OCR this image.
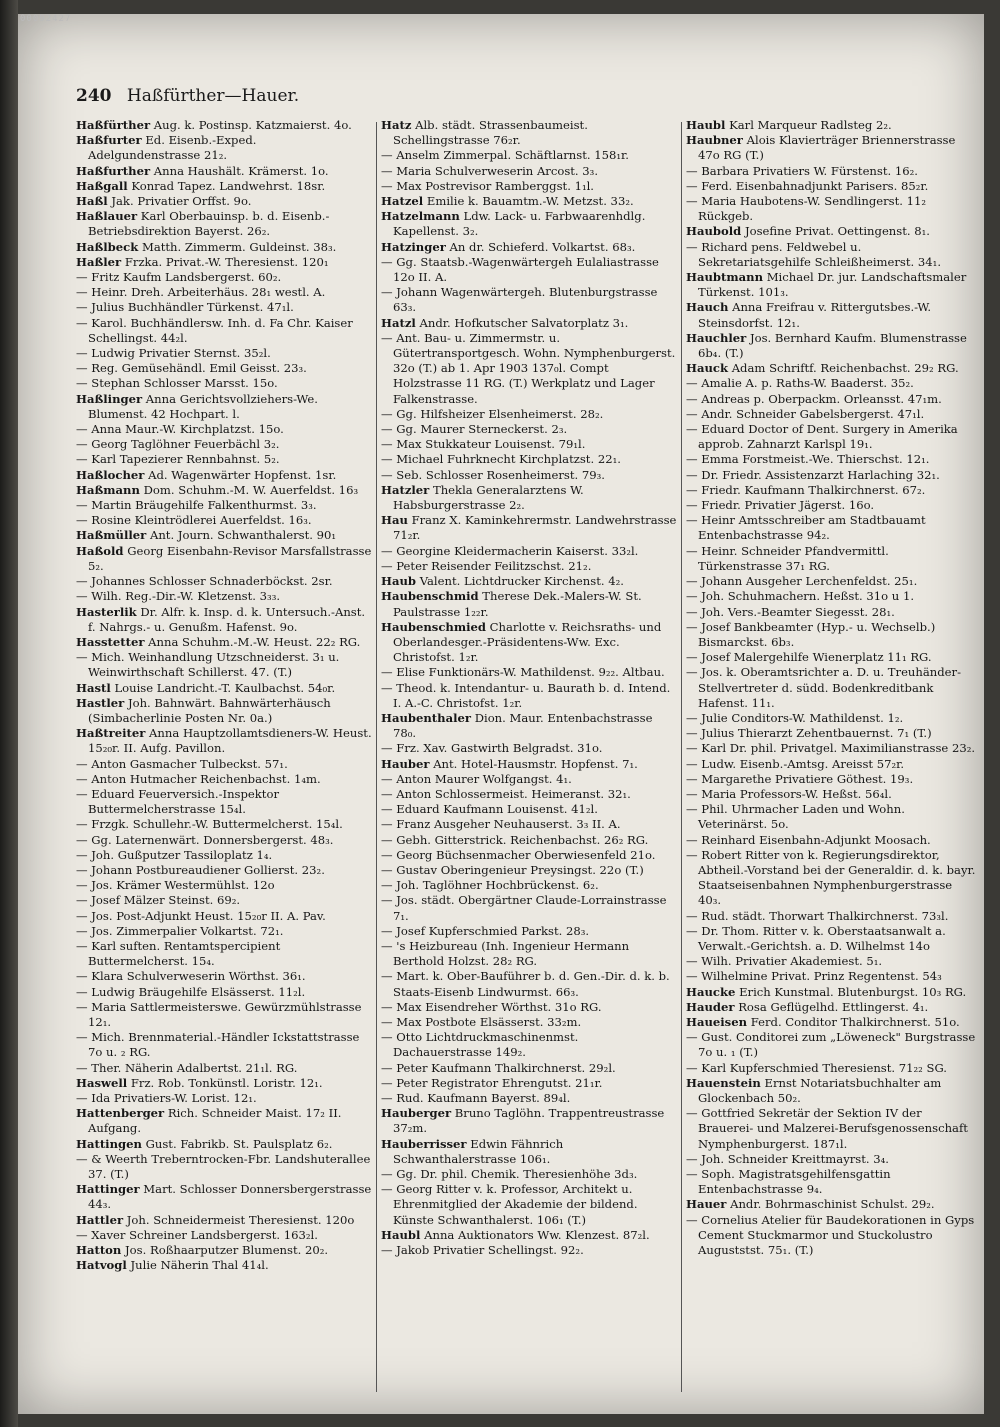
00092427
240 Haßfürther—Hauer.

Haßfürther Aug. k. Postinsp. Katzmaierst. 4o.

Haßfurter Ed. Eisenb.-Exped. Adelgundenstrasse 21₂.

Haßfurther Anna Haushält. Krämerst. 1o.

Haßgall Konrad Tapez. Landwehrst. 18sr.

Haßl Jak. Privatier Orffst. 9o.

Haßlauer Karl Oberbauinsp. b. d. Eisenb.-Betriebsdirektion Bayerst. 26₂.

Haßlbeck Matth. Zimmerm. Guldeinst. 38₃.

Haßler Frzka. Privat.-W. Theresienst. 120₁

— Fritz Kaufm Landsbergerst. 60₂.

— Heinr. Dreh. Arbeiterhäus. 28₁ westl. A.

— Julius Buchhändler Türkenst. 47₁l.

— Karol. Buchhändlersw. Inh. d. Fa Chr. Kaiser Schellingst. 44₂l.

— Ludwig Privatier Sternst. 35₂l.

— Reg. Gemüsehändl. Emil Geisst. 23₃.

— Stephan Schlosser Marsst. 15o.

Haßlinger Anna Gerichtsvollziehers-We. Blumenst. 42 Hochpart. l.

— Anna Maur.-W. Kirchplatzst. 15o.

— Georg Taglöhner Feuerbächl 3₂.

— Karl Tapezierer Rennbahnst. 5₂.

Haßlocher Ad. Wagenwärter Hopfenst. 1sr.

Haßmann Dom. Schuhm.-M. W. Auerfeldst. 16₃

— Martin Bräugehilfe Falkenthurmst. 3₃.

— Rosine Kleintrödlerei Auerfeldst. 16₃.

Haßmüller Ant. Journ. Schwanthalerst. 90₁

Haßold Georg Eisenbahn-Revisor Marsfallstrasse 5₂.

— Johannes Schlosser Schnaderböckst. 2sr.

— Wilh. Reg.-Dir.-W. Kletzenst. 3₃₃.

Hasterlik Dr. Alfr. k. Insp. d. k. Untersuch.-Anst. f. Nahrgs.- u. Genußm. Hafenst. 9o.

Hasstetter Anna Schuhm.-M.-W. Heust. 22₂ RG.

— Mich. Weinhandlung Utzschneiderst. 3₁ u. Weinwirthschaft Schillerst. 47. (T.)

Hastl Louise Landricht.-T. Kaulbachst. 54₀r.

Hastler Joh. Bahnwärt. Bahnwärterhäusch (Simbacherlinie Posten Nr. 0a.)

Haßtreiter Anna Hauptzollamtsdieners-W. Heust. 15₂₀r. II. Aufg. Pavillon.

— Anton Gasmacher Tulbeckst. 57₁.

— Anton Hutmacher Reichenbachst. 1₄m.

— Eduard Feuerversich.-Inspektor Buttermelcherstrasse 15₄l.

— Frzgk. Schullehr.-W. Buttermelcherst. 15₄l.

— Gg. Laternenwärt. Donnersbergerst. 48₃.

— Joh. Gußputzer Tassiloplatz 1₄.

— Johann Postbureaudiener Gollierst. 23₂.

— Jos. Krämer Westermühlst. 12o

— Josef Mälzer Steinst. 69₂.

— Jos. Post-Adjunkt Heust. 15₂₀r II. A. Pav.

— Jos. Zimmerpalier Volkartst. 72₁.

— Karl suften. Rentamtspercipient Buttermelcherst. 15₄.

— Klara Schulverweserin Wörthst. 36₁.

— Ludwig Bräugehilfe Elsässerst. 11₂l.

— Maria Sattlermeisterswe. Gewürzmühlstrasse 12₁.

— Mich. Brennmaterial.-Händler Ickstattstrasse 7o u. ₂ RG.

— Ther. Näherin Adalbertst. 21₁l. RG.

Haswell Frz. Rob. Tonkünstl. Loristr. 12₁.

— Ida Privatiers-W. Lorist. 12₁.

Hattenberger Rich. Schneider Maist. 17₂ II. Aufgang.

Hattingen Gust. Fabrikb. St. Paulsplatz 6₂.

— & Weerth Treberntrocken-Fbr. Landshuterallee 37. (T.)

Hattinger Mart. Schlosser Donnersbergerstrasse 44₃.

Hattler Joh. Schneidermeist Theresienst. 120o

— Xaver Schreiner Landsbergerst. 163₂l.

Hatton Jos. Roßhaarputzer Blumenst. 20₂.

Hatvogl Julie Näherin Thal 41₄l.

Hatz Alb. städt. Strassenbaumeist. Schellingstrasse 76₂r.

— Anselm Zimmerpal. Schäftlarnst. 158₁r.

— Maria Schulverweserin Arcost. 3₃.

— Max Postrevisor Ramberggst. 1₁l.

Hatzel Emilie k. Bauamtm.-W. Metzst. 33₂.

Hatzelmann Ldw. Lack- u. Farbwaarenhdlg. Kapellenst. 3₂.

Hatzinger An dr. Schieferd. Volkartst. 68₃.

— Gg. Staatsb.-Wagenwärtergeh Eulaliastrasse 12o II. A.

— Johann Wagenwärtergeh. Blutenburgstrasse 63₃.

Hatzl Andr. Hofkutscher Salvatorplatz 3₁.

— Ant. Bau- u. Zimmermstr. u. Gütertransportgesch. Wohn. Nymphenburgerst. 32o (T.) ab 1. Apr 1903 137₀l. Compt Holzstrasse 11 RG. (T.) Werkplatz und Lager Falkenstrasse.

— Gg. Hilfsheizer Elsenheimerst. 28₂.

— Gg. Maurer Sterneckerst. 2₃.

— Max Stukkateur Louisenst. 79₁l.

— Michael Fuhrknecht Kirchplatzst. 22₁.

— Seb. Schlosser Rosenheimerst. 79₃.

Hatzler Thekla Generalarztens W. Habsburgerstrasse 2₂.

Hau Franz X. Kaminkehrermstr. Landwehrstrasse 71₂r.

— Georgine Kleidermacherin Kaiserst. 33₂l.

— Peter Reisender Feilitzschst. 21₂.

Haub Valent. Lichtdrucker Kirchenst. 4₂.

Haubenschmid Therese Dek.-Malers-W. St. Paulstrasse 1₂₂r.

Haubenschmied Charlotte v. Reichsraths- und Oberlandesger.-Präsidentens-Ww. Exc. Christofst. 1₂r.

— Elise Funktionärs-W. Mathildenst. 9₂₂. Altbau.

— Theod. k. Intendantur- u. Baurath b. d. Intend. I. A.-C. Christofst. 1₂r.

Haubenthaler Dion. Maur. Entenbachstrasse 78₀.

— Frz. Xav. Gastwirth Belgradst. 31o.

Hauber Ant. Hotel-Hausmstr. Hopfenst. 7₁.

— Anton Maurer Wolfgangst. 4₁.

— Anton Schlossermeist. Heimeranst. 32₁.

— Eduard Kaufmann Louisenst. 41₂l.

— Franz Ausgeher Neuhauserst. 3₃ II. A.

— Gebh. Gitterstrick. Reichenbachst. 26₂ RG.

— Georg Büchsenmacher Oberwiesenfeld 21o.

— Gustav Oberingenieur Preysingst. 22o (T.)

— Joh. Taglöhner Hochbrückenst. 6₂.

— Jos. städt. Obergärtner Claude-Lorrainstrasse 7₁.

— Josef Kupferschmied Parkst. 28₃.

— 's Heizbureau (Inh. Ingenieur Hermann Berthold Holzst. 28₂ RG.

— Mart. k. Ober-Bauführer b. d. Gen.-Dir. d. k. b. Staats-Eisenb Lindwurmst. 66₃.

— Max Eisendreher Wörthst. 31o RG.

— Max Postbote Elsässerst. 33₂m.

— Otto Lichtdruckmaschinenmst. Dachauerstrasse 149₂.

— Peter Kaufmann Thalkirchnerst. 29₂l.

— Peter Registrator Ehrengutst. 21₁r.

— Rud. Kaufmann Bayerst. 89₄l.

Hauberger Bruno Taglöhn. Trappentreustrasse 37₂m.

Hauberrisser Edwin Fähnrich Schwanthalerstrasse 106₁.

— Gg. Dr. phil. Chemik. Theresienhöhe 3d₃.

— Georg Ritter v. k. Professor, Architekt u. Ehrenmitglied der Akademie der bildend. Künste Schwanthalerst. 106₁ (T.)

Haubl Anna Auktionators Ww. Klenzest. 87₂l.

— Jakob Privatier Schellingst. 92₂.

Haubl Karl Marqueur Radlsteg 2₂.

Haubner Alois Klavierträger Briennerstrasse 47o RG (T.)

— Barbara Privatiers W. Fürstenst. 16₂.

— Ferd. Eisenbahnadjunkt Parisers. 85₂r.

— Maria Haubotens-W. Sendlingerst. 11₂ Rückgeb.

Haubold Josefine Privat. Oettingenst. 8₁.

— Richard pens. Feldwebel u. Sekretariatsgehilfe Schleißheimerst. 34₁.

Haubtmann Michael Dr. jur. Landschaftsmaler Türkenst. 101₃.

Hauch Anna Freifrau v. Rittergutsbes.-W. Steinsdorfst. 12₁.

Hauchler Jos. Bernhard Kaufm. Blumenstrasse 6b₄. (T.)

Hauck Adam Schriftf. Reichenbachst. 29₂ RG.

— Amalie A. p. Raths-W. Baaderst. 35₂.

— Andreas p. Oberpackm. Orleansst. 47₁m.

— Andr. Schneider Gabelsbergerst. 47₁l.

— Eduard Doctor of Dent. Surgery in Amerika approb. Zahnarzt Karlspl 19₁.

— Emma Forstmeist.-We. Thierschst. 12₁.

— Dr. Friedr. Assistenzarzt Harlaching 32₁.

— Friedr. Kaufmann Thalkirchnerst. 67₂.

— Friedr. Privatier Jägerst. 16o.

— Heinr Amtsschreiber am Stadtbauamt Entenbachstrasse 94₂.

— Heinr. Schneider Pfandvermittl. Türkenstrasse 37₁ RG.

— Johann Ausgeher Lerchenfeldst. 25₁.

— Joh. Schuhmachern. Heßst. 31o u 1.

— Joh. Vers.-Beamter Siegesst. 28₁.

— Josef Bankbeamter (Hyp.- u. Wechselb.) Bismarckst. 6b₃.

— Josef Malergehilfe Wienerplatz 11₁ RG.

— Jos. k. Oberamtsrichter a. D. u. Treuhänder-Stellvertreter d. südd. Bodenkreditbank Hafenst. 11₁.

— Julie Conditors-W. Mathildenst. 1₂.

— Julius Thierarzt Zehentbauernst. 7₁ (T.)

— Karl Dr. phil. Privatgel. Maximilianstrasse 23₂.

— Ludw. Eisenb.-Amtsg. Areisst 57₂r.

— Margarethe Privatiere Göthest. 19₃.

— Maria Professors-W. Heßst. 56₄l.

— Phil. Uhrmacher Laden und Wohn. Veterinärst. 5o.

— Reinhard Eisenbahn-Adjunkt Moosach.

— Robert Ritter von k. Regierungsdirektor, Abtheil.-Vorstand bei der Generaldir. d. k. bayr. Staatseisenbahnen Nymphenburgerstrasse 40₃.

— Rud. städt. Thorwart Thalkirchnerst. 73₃l.

— Dr. Thom. Ritter v. k. Oberstaatsanwalt a. Verwalt.-Gerichtsh. a. D. Wilhelmst 14o

— Wilh. Privatier Akademiest. 5₁.

— Wilhelmine Privat. Prinz Regentenst. 54₃

Haucke Erich Kunstmal. Blutenburgst. 10₃ RG.

Hauder Rosa Geflügelhd. Ettlingerst. 4₁.

Haueisen Ferd. Conditor Thalkirchnerst. 51o.

— Gust. Conditorei zum „Löweneck" Burgstrasse 7o u. ₁ (T.)

— Karl Kupferschmied Theresienst. 71₂₂ SG.

Hauenstein Ernst Notariatsbuchhalter am Glockenbach 50₂.

— Gottfried Sekretär der Sektion IV der Brauerei- und Malzerei-Berufsgenossenschaft Nymphenburgerst. 187₁l.

— Joh. Schneider Kreittmayrst. 3₄.

— Soph. Magistratsgehilfensgattin Entenbachstrasse 9₄.

Hauer Andr. Bohrmaschinist Schulst. 29₂.

— Cornelius Atelier für Baudekorationen in Gyps Cement Stuckmarmor und Stuckolustro Auguststst. 75₁. (T.)
